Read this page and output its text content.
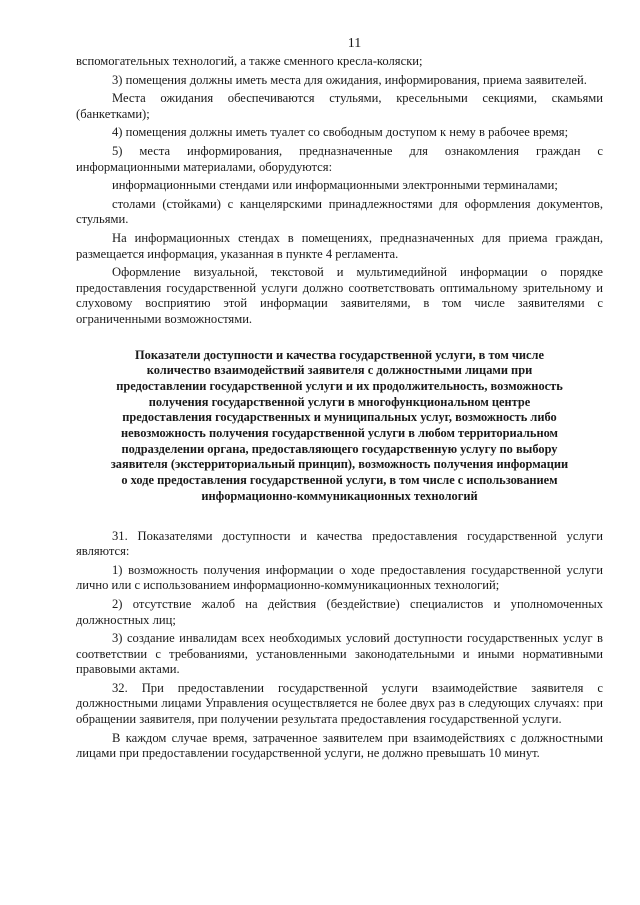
11

вспомогательных технологий, а также сменного кресла-коляски;

3) помещения должны иметь места для ожидания, информирования, приема заявителей.

Места ожидания обеспечиваются стульями, кресельными секциями, скамьями (банкетками);

4) помещения должны иметь туалет со свободным доступом к нему в рабочее время;

5) места информирования, предназначенные для ознакомления граждан с информационными материалами, оборудуются:

информационными стендами или информационными электронными терминалами;

столами (стойками) с канцелярскими принадлежностями для оформления документов, стульями.

На информационных стендах в помещениях, предназначенных для приема граждан, размещается информация, указанная в пункте 4 регламента.

Оформление визуальной, текстовой и мультимедийной информации о порядке предоставления государственной услуги должно соответствовать оптимальному зрительному и слуховому восприятию этой информации заявителями, в том числе заявителями с ограниченными возможностями.

Показатели доступности и качества государственной услуги, в том числе
количество взаимодействий заявителя с должностными лицами при
предоставлении государственной услуги и их продолжительность, возможность
получения государственной услуги в многофункциональном центре
предоставления государственных и муниципальных услуг, возможность либо
невозможность получения государственной услуги в любом территориальном
подразделении органа, предоставляющего государственную услугу по выбору
заявителя (экстерриториальный принцип), возможность получения информации
о ходе предоставления государственной услуги, в том числе с использованием
информационно-коммуникационных технологий

31. Показателями доступности и качества предоставления государственной услуги являются:

1) возможность получения информации о ходе предоставления государственной услуги лично или с использованием информационно-коммуникационных технологий;

2) отсутствие жалоб на действия (бездействие) специалистов и уполномоченных должностных лиц;

3) создание инвалидам всех необходимых условий доступности государственных услуг в соответствии с требованиями, установленными законодательными и иными нормативными правовыми актами.

32. При предоставлении государственной услуги взаимодействие заявителя с должностными лицами Управления осуществляется не более двух раз в следующих случаях: при обращении заявителя, при получении результата предоставления государственной услуги.

В каждом случае время, затраченное заявителем при взаимодействиях с должностными лицами при предоставлении государственной услуги, не должно превышать 10 минут.
